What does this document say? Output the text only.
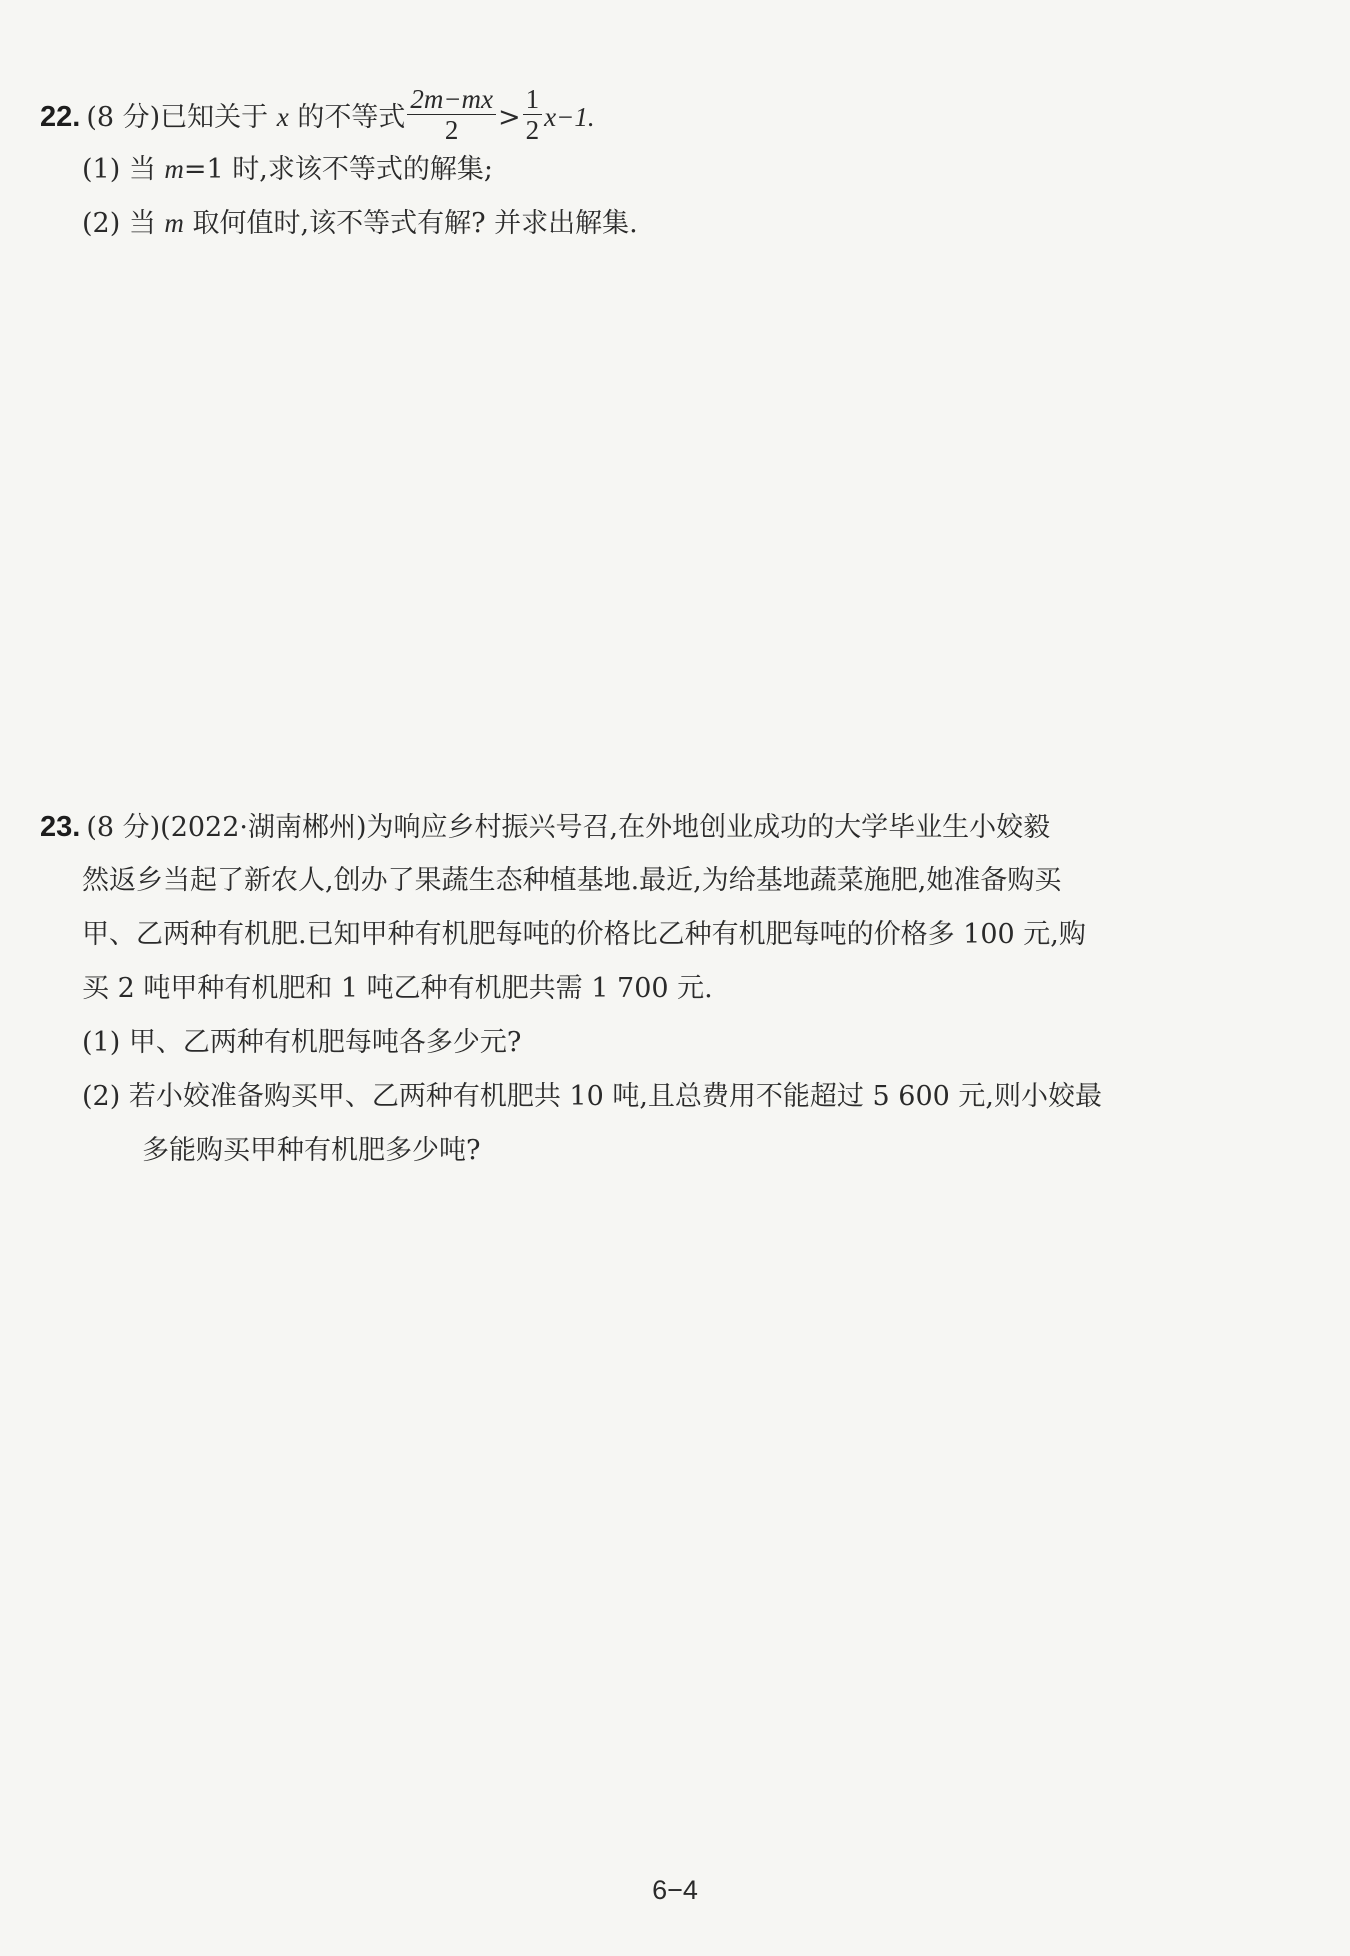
22. (8 分)已知关于 x 的不等式 $\frac{2m-mx}{2} > \frac{1}{2} x-1$.
(1) 当 m=1 时,求该不等式的解集;
(2) 当 m 取何值时,该不等式有解? 并求出解集.
23. (8 分)(2022·湖南郴州)为响应乡村振兴号召,在外地创业成功的大学毕业生小姣毅
然返乡当起了新农人,创办了果蔬生态种植基地.最近,为给基地蔬菜施肥,她准备购买
甲、乙两种有机肥.已知甲种有机肥每吨的价格比乙种有机肥每吨的价格多 100 元,购
买 2 吨甲种有机肥和 1 吨乙种有机肥共需 1 700 元.
(1) 甲、乙两种有机肥每吨各多少元?
(2) 若小姣准备购买甲、乙两种有机肥共 10 吨,且总费用不能超过 5 600 元,则小姣最
多能购买甲种有机肥多少吨?
6−4
